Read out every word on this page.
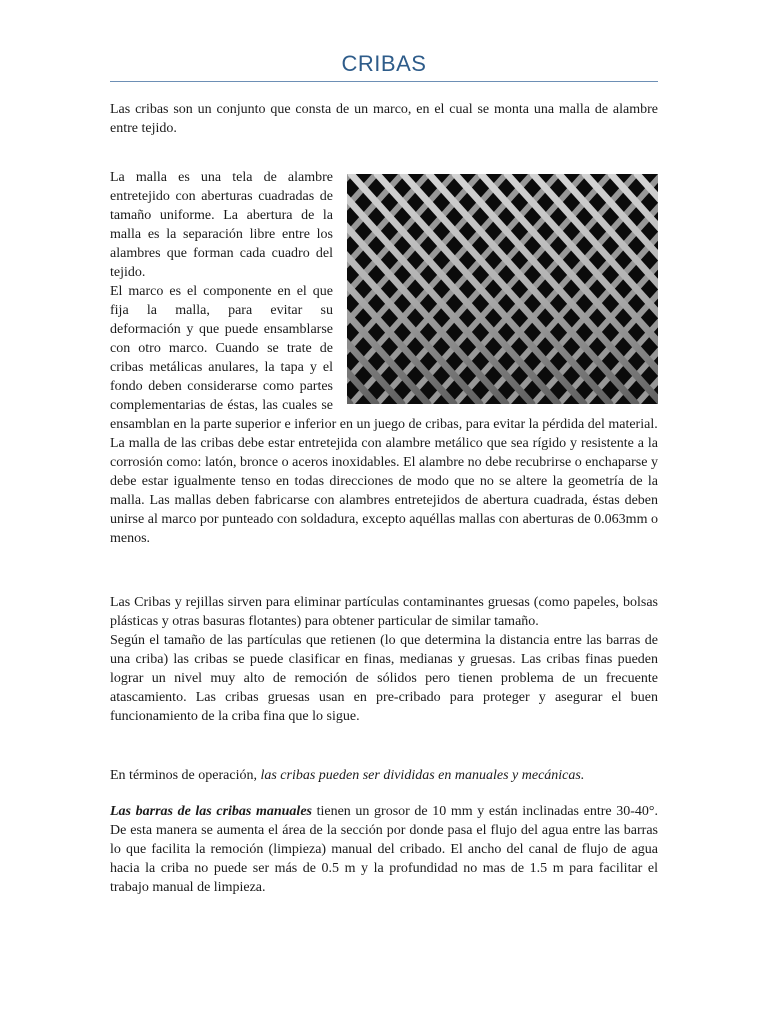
CRIBAS

Las cribas son un conjunto que consta de un marco, en el cual se monta una malla de alambre entre tejido.

La malla es una tela de alambre entretejido con aberturas cuadradas de tamaño uniforme. La abertura de la malla es la separación libre entre los alambres que forman cada cuadro del tejido.

El marco es el componente en el que fija la malla, para evitar su deformación y que puede ensamblarse con otro marco. Cuando se trate de cribas metálicas anulares, la tapa y el fondo deben considerarse como partes complementarias de éstas, las cuales se ensamblan en la parte superior e inferior en un juego de cribas, para evitar la pérdida del material.

La malla de las cribas debe estar entretejida con alambre metálico que sea rígido y resistente a la corrosión como: latón, bronce o aceros inoxidables. El alambre no debe recubrirse o enchaparse y debe estar igualmente tenso en todas direcciones de modo que no se altere la geometría de la malla. Las mallas deben fabricarse con alambres entretejidos de abertura cuadrada, éstas deben unirse al marco por punteado con soldadura, excepto aquéllas mallas con aberturas de 0.063mm o menos.

Las Cribas y rejillas sirven para eliminar partículas contaminantes gruesas (como papeles, bolsas plásticas y otras basuras flotantes) para obtener particular de similar tamaño.

Según el tamaño de las partículas que retienen (lo que determina la distancia entre las barras de una criba) las cribas se puede clasificar en finas, medianas y gruesas. Las cribas finas pueden lograr un nivel muy alto de remoción de sólidos pero tienen problema de un frecuente atascamiento. Las cribas gruesas usan en pre-cribado para proteger y asegurar el buen funcionamiento de la criba fina que lo sigue.

En términos de operación, las cribas pueden ser divididas en manuales y mecánicas.

Las barras de las cribas manuales tienen un grosor de 10 mm y están inclinadas entre 30-40°. De esta manera se aumenta el área de la sección por donde pasa el flujo del agua entre las barras lo que facilita la remoción (limpieza) manual del cribado. El ancho del canal de flujo de agua hacia la criba no puede ser más de 0.5 m y la profundidad no mas de 1.5 m para facilitar el trabajo manual de limpieza.
